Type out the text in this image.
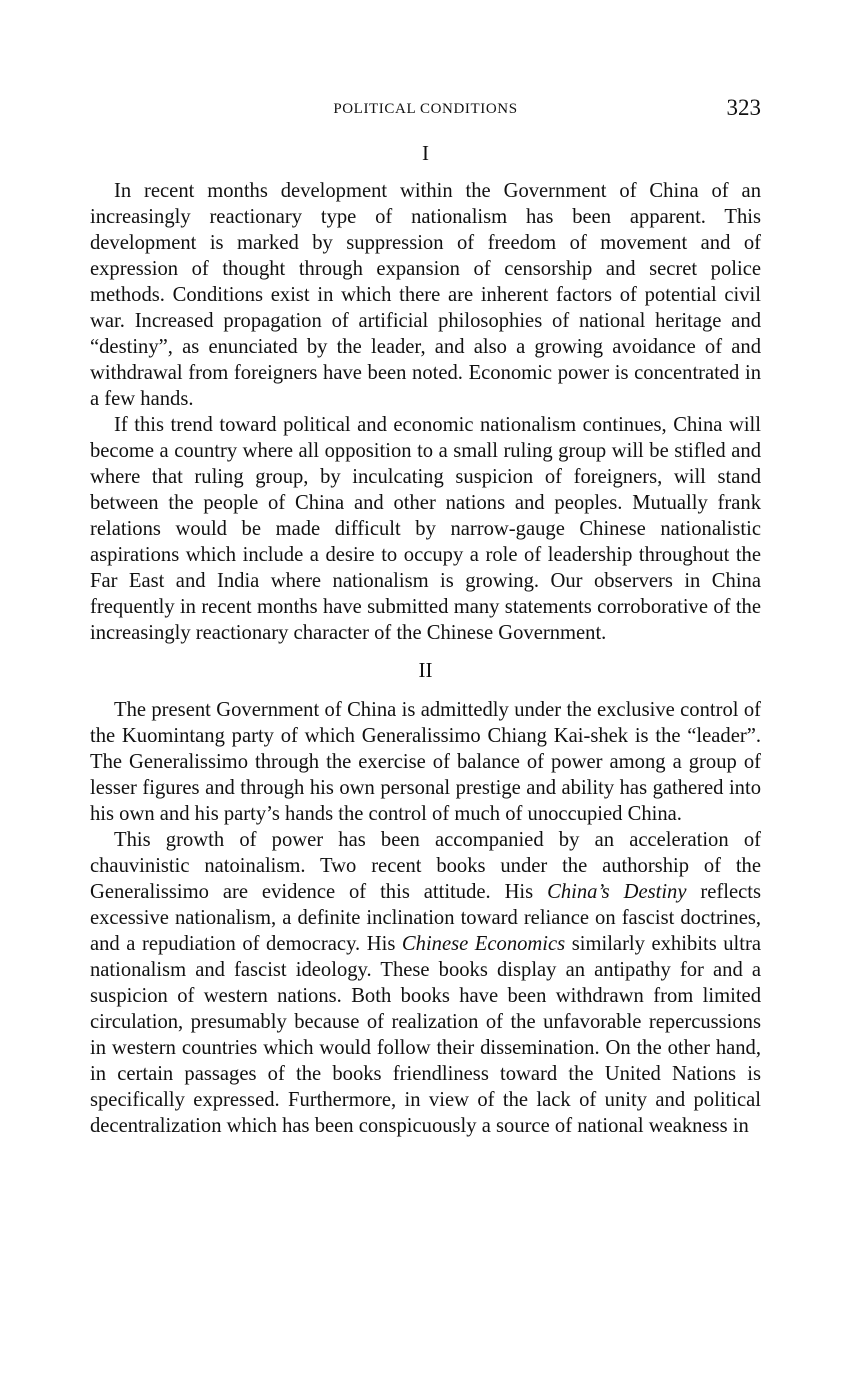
POLITICAL CONDITIONS	323
I

In recent months development within the Government of China of an increasingly reactionary type of nationalism has been apparent. This development is marked by suppression of freedom of movement and of expression of thought through expansion of censorship and secret police methods. Conditions exist in which there are inherent factors of potential civil war. Increased propagation of artificial philosophies of national heritage and “destiny”, as enunciated by the leader, and also a growing avoidance of and withdrawal from foreigners have been noted. Economic power is concentrated in a few hands.

If this trend toward political and economic nationalism continues, China will become a country where all opposition to a small ruling group will be stifled and where that ruling group, by inculcating suspicion of foreigners, will stand between the people of China and other nations and peoples. Mutually frank relations would be made difficult by narrow-gauge Chinese nationalistic aspirations which include a desire to occupy a role of leadership throughout the Far East and India where nationalism is growing. Our observers in China frequently in recent months have submitted many statements corroborative of the increasingly reactionary character of the Chinese Government.

II

The present Government of China is admittedly under the exclusive control of the Kuomintang party of which Generalissimo Chiang Kai-shek is the “leader”. The Generalissimo through the exercise of balance of power among a group of lesser figures and through his own personal prestige and ability has gathered into his own and his party’s hands the control of much of unoccupied China.

This growth of power has been accompanied by an acceleration of chauvinistic natoinalism. Two recent books under the authorship of the Generalissimo are evidence of this attitude. His China’s Destiny reflects excessive nationalism, a definite inclination toward reliance on fascist doctrines, and a repudiation of democracy. His Chinese Economics similarly exhibits ultra nationalism and fascist ideology. These books display an antipathy for and a suspicion of western nations. Both books have been withdrawn from limited circulation, presumably because of realization of the unfavorable repercussions in western countries which would follow their dissemination. On the other hand, in certain passages of the books friendliness toward the United Nations is specifically expressed. Furthermore, in view of the lack of unity and political decentralization which has been conspicuously a source of national weakness in
